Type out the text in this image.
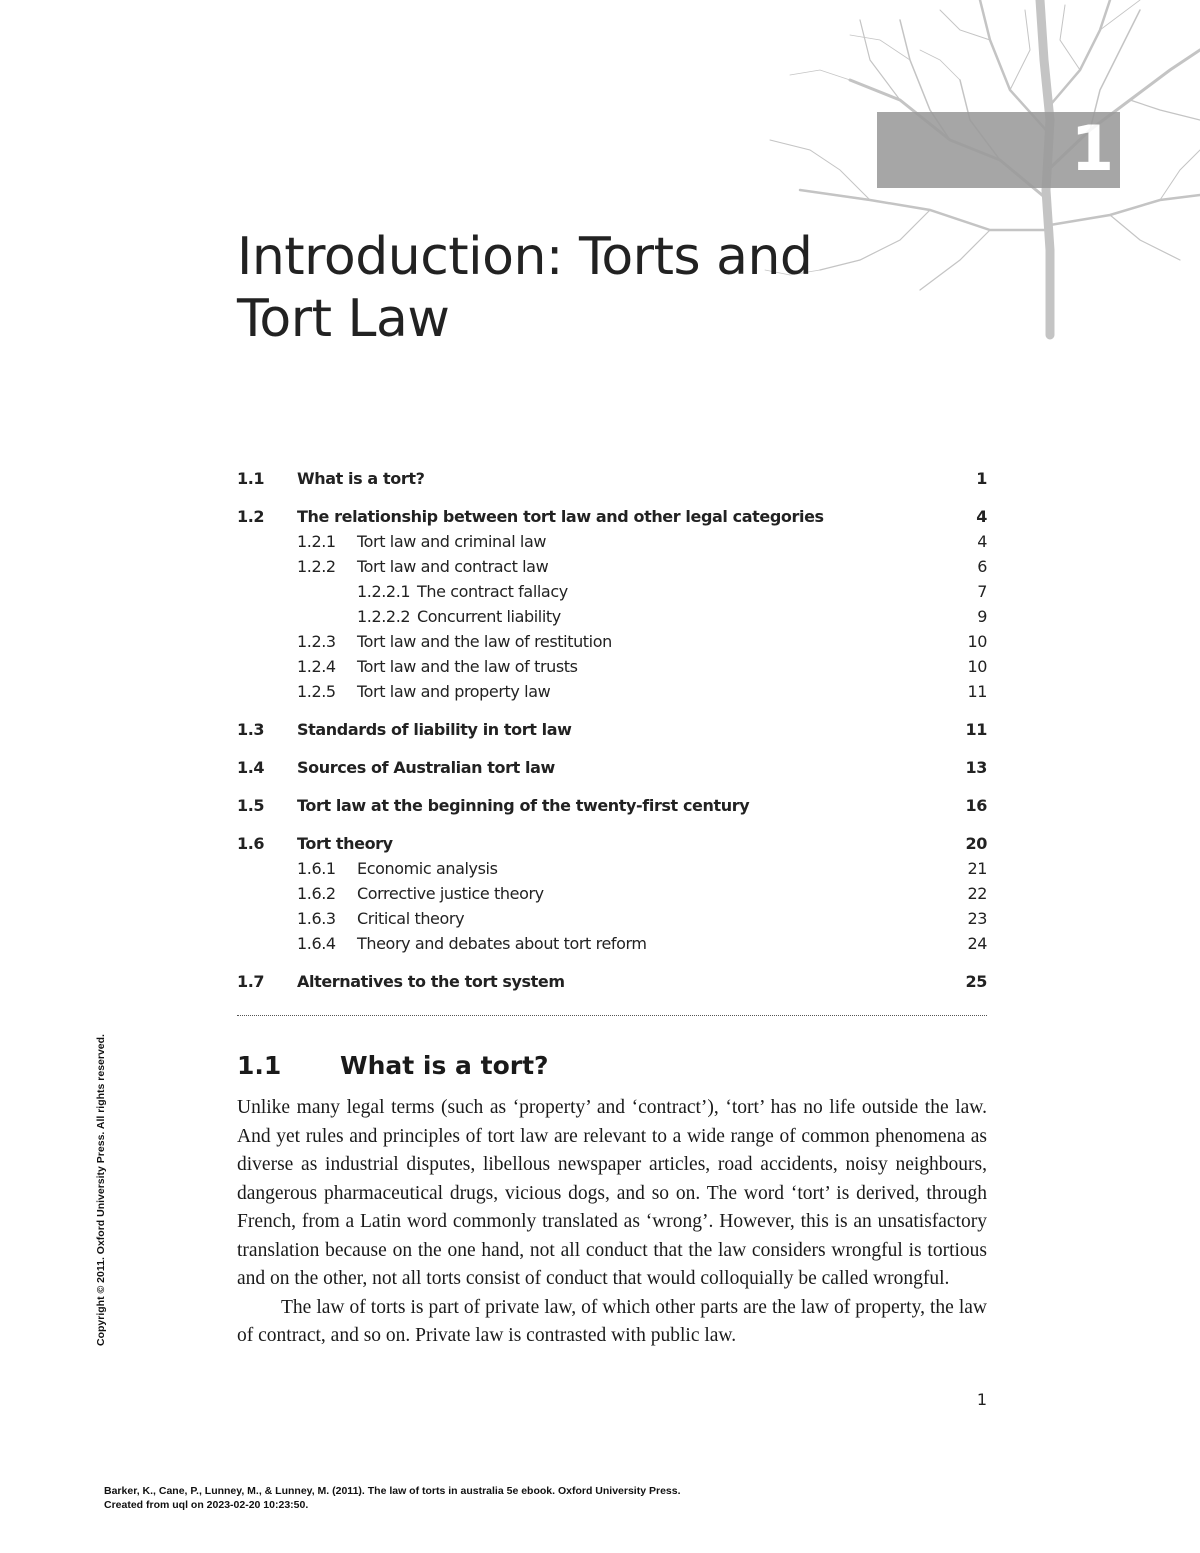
1
Introduction: Torts and
Tort Law
1.1	What is a tort?	1
1.2	The relationship between tort law and other legal categories	4
1.2.1	Tort law and criminal law	4
1.2.2	Tort law and contract law	6
1.2.2.1 The contract fallacy	7
1.2.2.2 Concurrent liability	9
1.2.3	Tort law and the law of restitution	10
1.2.4	Tort law and the law of trusts	10
1.2.5	Tort law and property law	11
1.3	Standards of liability in tort law	11
1.4	Sources of Australian tort law	13
1.5	Tort law at the beginning of the twenty-first century	16
1.6	Tort theory	20
1.6.1	Economic analysis	21
1.6.2	Corrective justice theory	22
1.6.3	Critical theory	23
1.6.4	Theory and debates about tort reform	24
1.7	Alternatives to the tort system	25
1.1	What is a tort?

Unlike many legal terms (such as ‘property’ and ‘contract’), ‘tort’ has no life outside the law. And yet rules and principles of tort law are relevant to a wide range of common phenomena as diverse as industrial disputes, libellous newspaper articles, road accidents, noisy neighbours, dangerous pharmaceutical drugs, vicious dogs, and so on. The word ‘tort’ is derived, through French, from a Latin word commonly translated as ‘wrong’. However, this is an unsatisfactory translation because on the one hand, not all conduct that the law considers wrongful is tortious and on the other, not all torts consist of conduct that would colloquially be called wrongful.

The law of torts is part of private law, of which other parts are the law of property, the law of contract, and so on. Private law is contrasted with public law.

1
Copyright © 2011. Oxford University Press. All rights reserved.
Barker, K., Cane, P., Lunney, M., & Lunney, M. (2011). The law of torts in australia 5e ebook. Oxford University Press.
Created from uql on 2023-02-20 10:23:50.
